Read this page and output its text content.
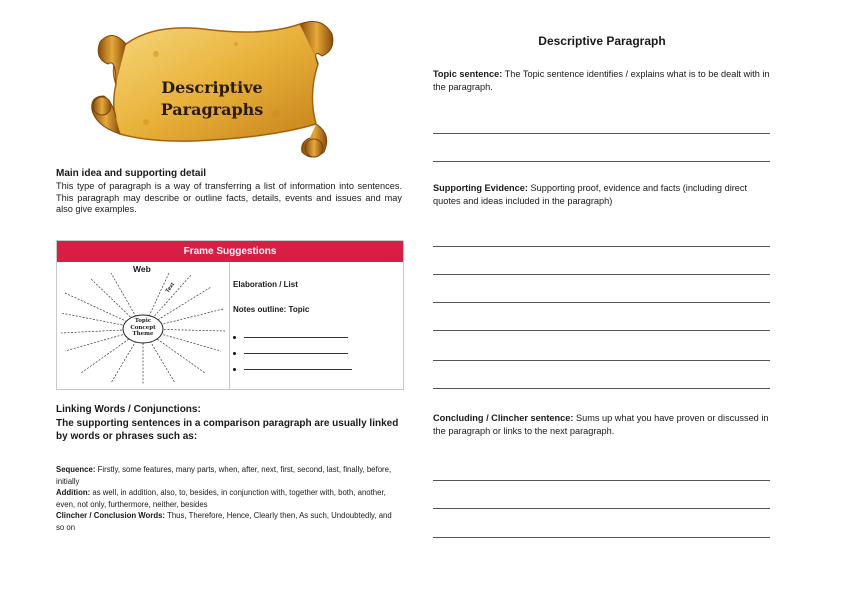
Descriptive
Paragraphs
Main idea and supporting detail
This type of paragraph is a way of transferring a list of information into sentences. This paragraph may describe or outline facts, details, events and issues and may also give examples.
Frame Suggestions
Web
Topic
Concept
Theme
Text	Elaboration / List
Notes outline: Topic
Linking Words / Conjunctions:
The supporting sentences in a comparison paragraph are usually linked by words or phrases such as:
Sequence: Firstly, some features, many parts, when, after, next, first, second, last, finally, before, initially
Addition: as well, in addition, also, to, besides, in conjunction with, together with, both, another, even, not only, furthermore, neither, besides
Clincher / Conclusion Words: Thus, Therefore, Hence, Clearly then, As such, Undoubtedly, and so on
Descriptive Paragraph
Topic sentence: The Topic sentence identifies / explains what is to be dealt with in the paragraph.
Supporting Evidence: Supporting proof, evidence and facts (including direct quotes and ideas included in the paragraph)
Concluding / Clincher sentence: Sums up what you have proven or discussed in the paragraph or links to the next paragraph.
